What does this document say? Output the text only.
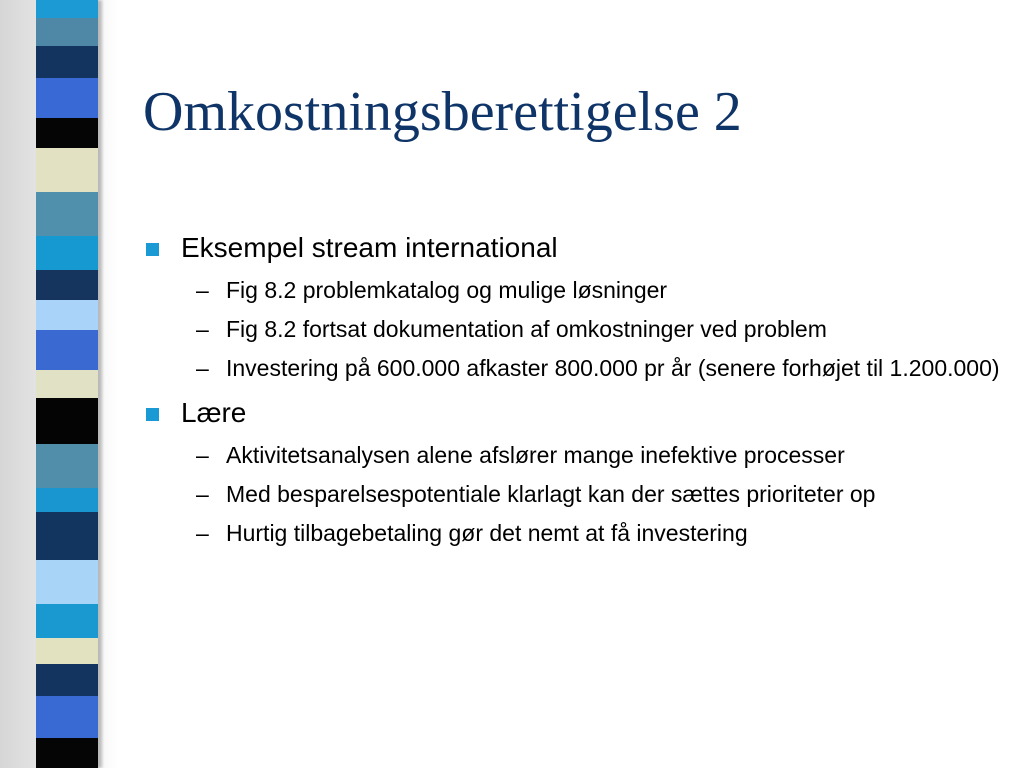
Omkostningsberettigelse 2
Eksempel stream international
– Fig 8.2 problemkatalog og mulige løsninger
– Fig 8.2 fortsat dokumentation af omkostninger ved problem
– Investering på 600.000 afkaster 800.000 pr år (senere forhøjet til 1.200.000)
Lære
– Aktivitetsanalysen alene afslører mange inefektive processer
– Med besparelsespotentiale klarlagt kan der sættes prioriteter op
– Hurtig tilbagebetaling gør det nemt at få investering
